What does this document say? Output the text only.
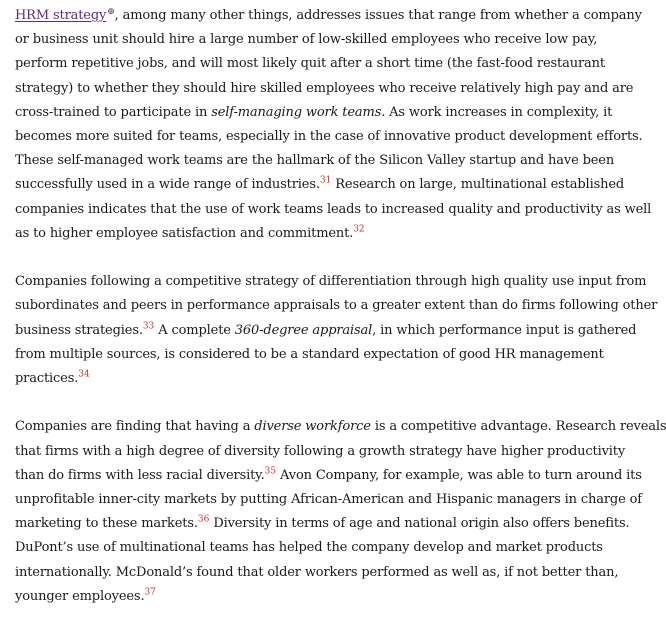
HRM strategy⊕, among many other things, addresses issues that range from whether a company
or business unit should hire a large number of low-skilled employees who receive low pay,
perform repetitive jobs, and will most likely quit after a short time (the fast-food restaurant
strategy) to whether they should hire skilled employees who receive relatively high pay and are
cross-trained to participate in self-managing work teams. As work increases in complexity, it
becomes more suited for teams, especially in the case of innovative product development efforts.
These self-managed work teams are the hallmark of the Silicon Valley startup and have been
successfully used in a wide range of industries.$^{31}$ Research on large, multinational established
companies indicates that the use of work teams leads to increased quality and productivity as well
as to higher employee satisfaction and commitment.$^{32}$

Companies following a competitive strategy of differentiation through high quality use input from
subordinates and peers in performance appraisals to a greater extent than do firms following other
business strategies.$^{33}$ A complete 360-degree appraisal, in which performance input is gathered
from multiple sources, is considered to be a standard expectation of good HR management
practices.$^{34}$

Companies are finding that having a diverse workforce is a competitive advantage. Research reveals
that firms with a high degree of diversity following a growth strategy have higher productivity
than do firms with less racial diversity.$^{35}$ Avon Company, for example, was able to turn around its
unprofitable inner-city markets by putting African-American and Hispanic managers in charge of
marketing to these markets.$^{36}$ Diversity in terms of age and national origin also offers benefits.
DuPont’s use of multinational teams has helped the company develop and market products
internationally. McDonald’s found that older workers performed as well as, if not better than,
younger employees.$^{37}$
